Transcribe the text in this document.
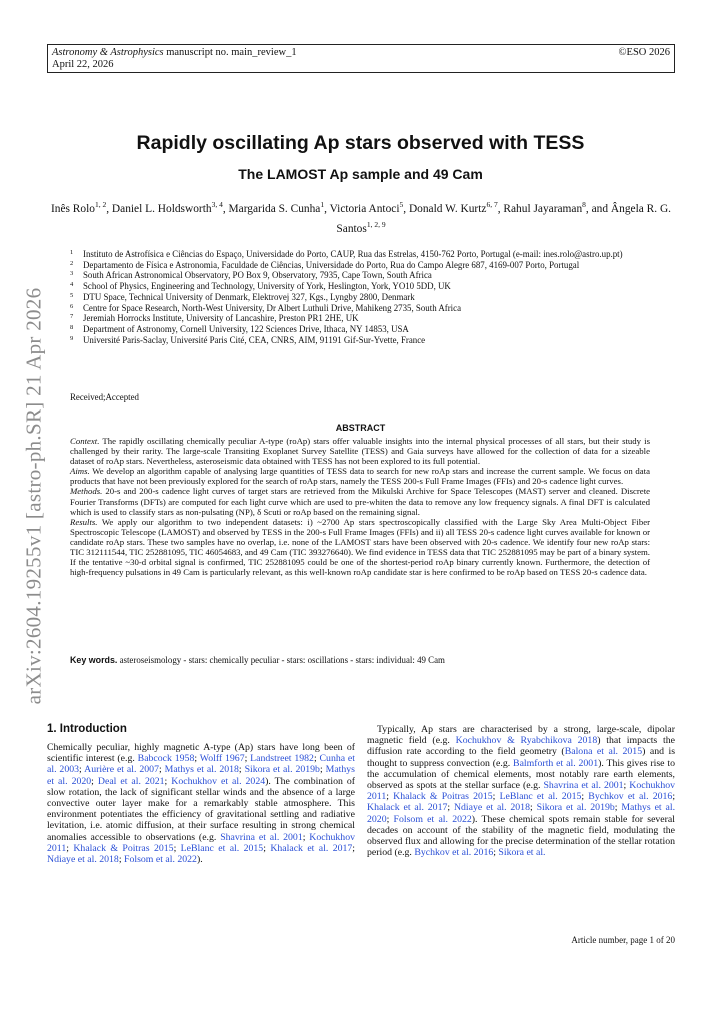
Astronomy & Astrophysics manuscript no. main_review_1
April 22, 2026
©ESO 2026
arXiv:2604.19255v1 [astro-ph.SR] 21 Apr 2026
Rapidly oscillating Ap stars observed with TESS
The LAMOST Ap sample and 49 Cam
Inês Rolo$^{1, 2}$, Daniel L. Holdsworth$^{3, 4}$, Margarida S. Cunha$^1$, Victoria Antoci$^5$, Donald W. Kurtz$^{6, 7}$, Rahul Jayaraman$^8$, and Ângela R. G. Santos$^{1, 2, 9}$
1 Instituto de Astrofísica e Ciências do Espaço, Universidade do Porto, CAUP, Rua das Estrelas, 4150-762 Porto, Portugal (e-mail: ines.rolo@astro.up.pt)
2 Departamento de Física e Astronomia, Faculdade de Ciências, Universidade do Porto, Rua do Campo Alegre 687, 4169-007 Porto, Portugal
3 South African Astronomical Observatory, PO Box 9, Observatory, 7935, Cape Town, South Africa
4 School of Physics, Engineering and Technology, University of York, Heslington, York, YO10 5DD, UK
5 DTU Space, Technical University of Denmark, Elektrovej 327, Kgs., Lyngby 2800, Denmark
6 Centre for Space Research, North-West University, Dr Albert Luthuli Drive, Mahikeng 2735, South Africa
7 Jeremiah Horrocks Institute, University of Lancashire, Preston PR1 2HE, UK
8 Department of Astronomy, Cornell University, 122 Sciences Drive, Ithaca, NY 14853, USA
9 Université Paris-Saclay, Université Paris Cité, CEA, CNRS, AIM, 91191 Gif-Sur-Yvette, France
Received;Accepted
ABSTRACT

Context. The rapidly oscillating chemically peculiar A-type (roAp) stars offer valuable insights into the internal physical processes of all stars, but their study is challenged by their rarity. The large-scale Transiting Exoplanet Survey Satellite (TESS) and Gaia surveys have allowed for the collection of data for a sizeable dataset of roAp stars. Nevertheless, asteroseismic data obtained with TESS has not been explored to its full potential.

Aims. We develop an algorithm capable of analysing large quantities of TESS data to search for new roAp stars and increase the current sample. We focus on data products that have not been previously explored for the search of roAp stars, namely the TESS 200-s Full Frame Images (FFIs) and 20-s cadence light curves.

Methods. 20-s and 200-s cadence light curves of target stars are retrieved from the Mikulski Archive for Space Telescopes (MAST) server and cleaned. Discrete Fourier Transforms (DFTs) are computed for each light curve which are used to pre-whiten the data to remove any low frequency signals. A final DFT is calculated which is used to classify stars as non-pulsating (NP), δ Scuti or roAp based on the remaining signal.

Results. We apply our algorithm to two independent datasets: i) ~2700 Ap stars spectroscopically classified with the Large Sky Area Multi-Object Fiber Spectroscopic Telescope (LAMOST) and observed by TESS in the 200-s Full Frame Images (FFIs) and ii) all TESS 20-s cadence light curves available for known or candidate roAp stars. These two samples have no overlap, i.e. none of the LAMOST stars have been observed with 20-s cadence. We identify four new roAp stars: TIC 312111544, TIC 252881095, TIC 46054683, and 49 Cam (TIC 393276640). We find evidence in TESS data that TIC 252881095 may be part of a binary system. If the tentative ~30-d orbital signal is confirmed, TIC 252881095 could be one of the shortest-period roAp binary currently known. Furthermore, the detection of high-frequency pulsations in 49 Cam is particularly relevant, as this well-known roAp candidate star is here confirmed to be roAp based on TESS 20-s cadence data.

Key words. asteroseismology - stars: chemically peculiar - stars: oscillations - stars: individual: 49 Cam
1. Introduction

Chemically peculiar, highly magnetic A-type (Ap) stars have long been of scientific interest (e.g. Babcock 1958; Wolff 1967; Landstreet 1982; Cunha et al. 2003; Aurière et al. 2007; Mathys et al. 2018; Sikora et al. 2019b; Mathys et al. 2020; Deal et al. 2021; Kochukhov et al. 2024). The combination of slow rotation, the lack of significant stellar winds and the absence of a large convective outer layer make for a remarkably stable atmosphere. This environment potentiates the efficiency of gravitational settling and radiative levitation, i.e. atomic diffusion, at their surface resulting in strong chemical anomalies accessible to observations (e.g. Shavrina et al. 2001; Kochukhov 2011; Khalack & Poitras 2015; LeBlanc et al. 2015; Khalack et al. 2017; Ndiaye et al. 2018; Folsom et al. 2022).

Typically, Ap stars are characterised by a strong, large-scale, dipolar magnetic field (e.g. Kochukhov & Ryabchikova 2018) that impacts the diffusion rate according to the field geometry (Balona et al. 2015) and is thought to suppress convection (e.g. Balmforth et al. 2001). This gives rise to the accumulation of chemical elements, most notably rare earth elements, observed as spots at the stellar surface (e.g. Shavrina et al. 2001; Kochukhov 2011; Khalack & Poitras 2015; LeBlanc et al. 2015; Bychkov et al. 2016; Khalack et al. 2017; Ndiaye et al. 2018; Sikora et al. 2019b; Mathys et al. 2020; Folsom et al. 2022). These chemical spots remain stable for several decades on account of the stability of the magnetic field, modulating the observed flux and allowing for the precise determination of the stellar rotation period (e.g. Bychkov et al. 2016; Sikora et al.

Article number, page 1 of 20
